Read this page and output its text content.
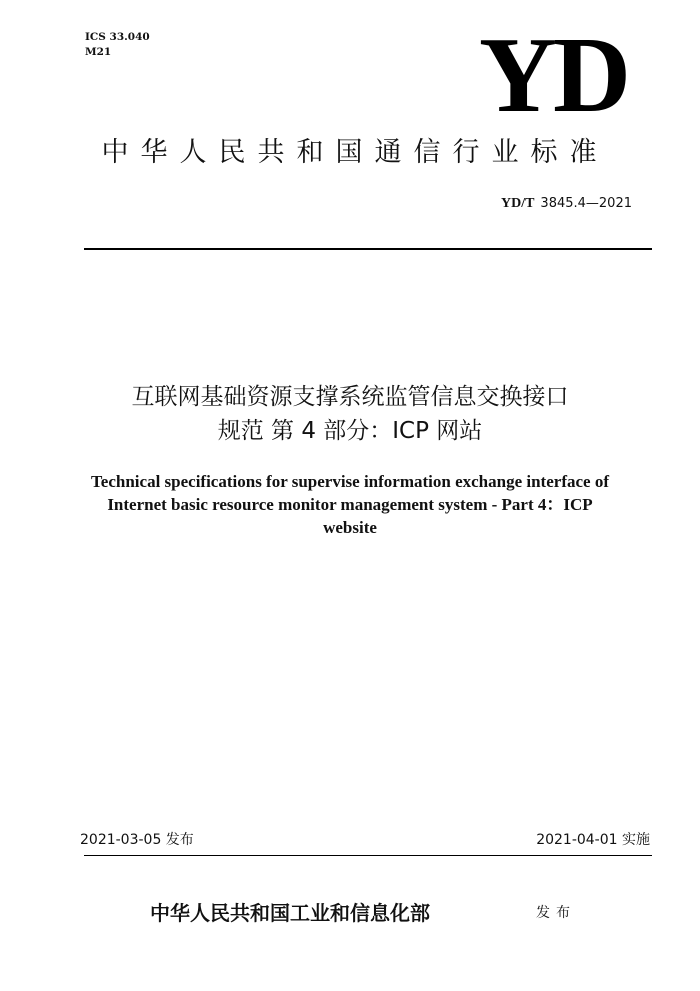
ICS 33.040
M21	YD
中华人民共和国通信行业标准
YD/T 3845.4—2021
互联网基础资源支撑系统监管信息交换接口
规范 第 4 部分：ICP 网站
Technical specifications for supervise information exchange interface of
Internet basic resource monitor management system - Part 4：ICP
website
2021-03-05 发布	2021-04-01 实施
中华人民共和国工业和信息化部	发布
